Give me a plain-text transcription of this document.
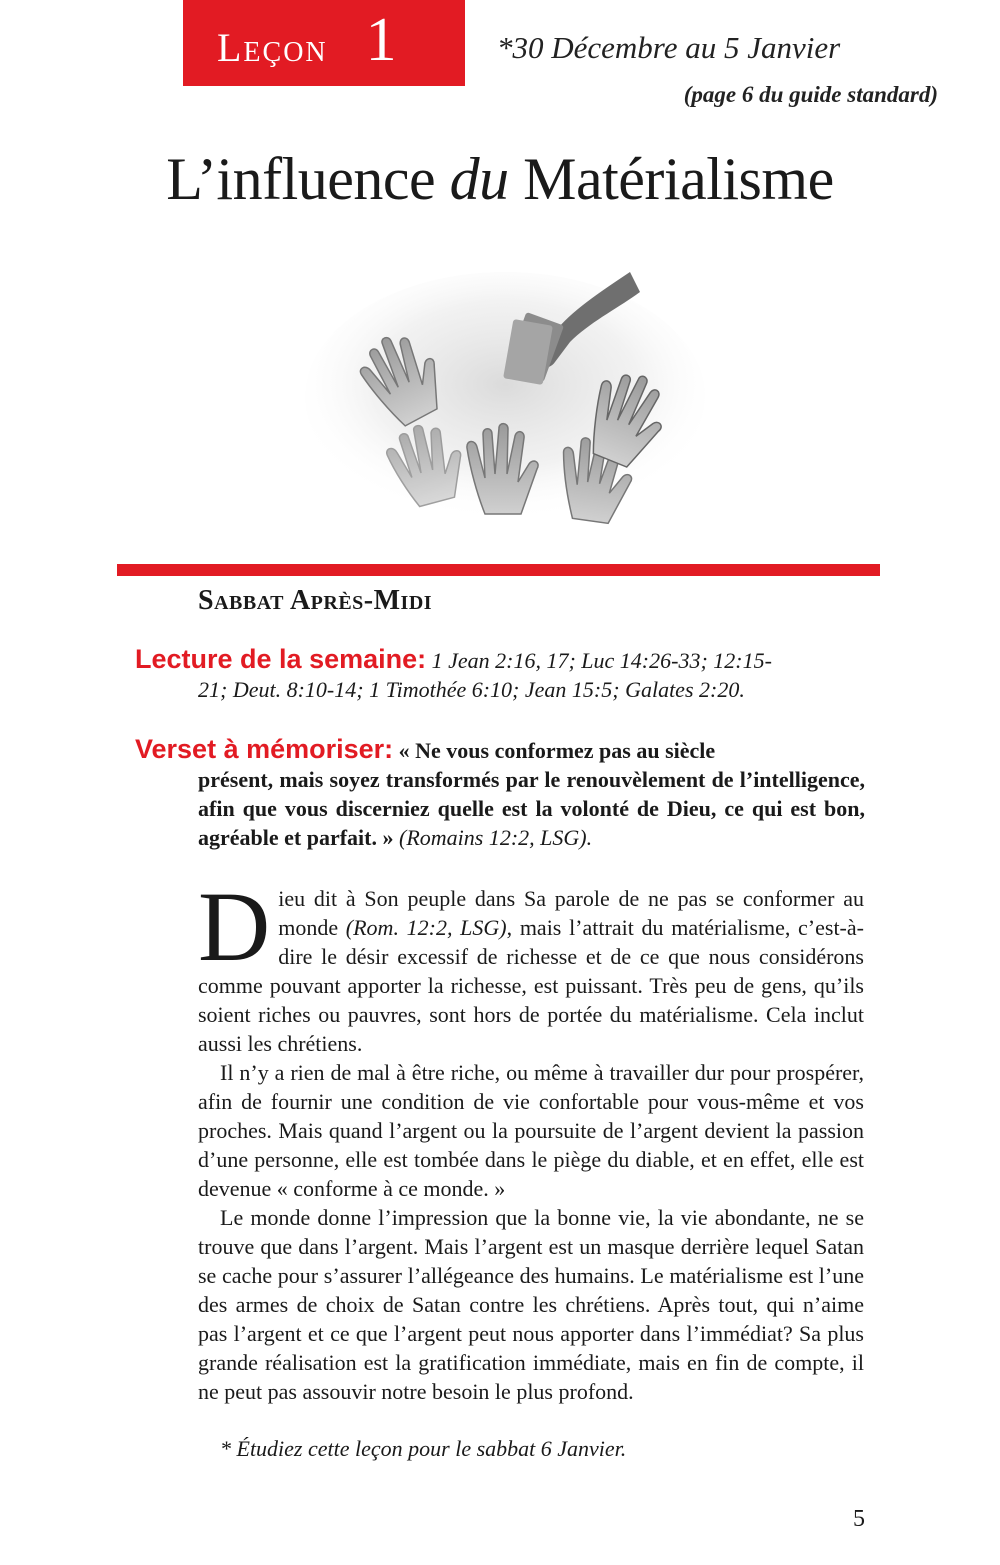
Leçon 1	*30 Décembre au 5 Janvier
(page 6 du guide standard)
L’influence du Matérialisme
Sabbat Après-Midi
Lecture de la semaine: 1 Jean 2:16, 17; Luc 14:26-33; 12:15-
21; Deut. 8:10-14; 1 Timothée 6:10; Jean 15:5; Galates 2:20.
Verset à mémoriser: « Ne vous conformez pas au siècle
présent, mais soyez transformés par le renouvèlement de l’intelligence, afin que vous discerniez quelle est la volonté de Dieu, ce qui est bon, agréable et parfait. » (Romains 12:2, LSG).

Dieu dit à Son peuple dans Sa parole de ne pas se conformer au monde (Rom. 12:2, LSG), mais l’attrait du matérialisme, c’est-à-dire le désir excessif de richesse et de ce que nous considérons comme pouvant apporter la richesse, est puissant. Très peu de gens, qu’ils soient riches ou pauvres, sont hors de portée du matérialisme. Cela inclut aussi les chrétiens.

Il n’y a rien de mal à être riche, ou même à travailler dur pour prospérer, afin de fournir une condition de vie confortable pour vous-même et vos proches. Mais quand l’argent ou la poursuite de l’argent devient la passion d’une personne, elle est tombée dans le piège du diable, et en effet, elle est devenue « conforme à ce monde. »

Le monde donne l’impression que la bonne vie, la vie abondante, ne se trouve que dans l’argent. Mais l’argent est un masque derrière lequel Satan se cache pour s’assurer l’allégeance des humains. Le matérialisme est l’une des armes de choix de Satan contre les chrétiens. Après tout, qui n’aime pas l’argent et ce que l’argent peut nous apporter dans l’immédiat? Sa plus grande réalisation est la gratification immédiate, mais en fin de compte, il ne peut pas assouvir notre besoin le plus profond.

* Étudiez cette leçon pour le sabbat 6 Janvier.
5
